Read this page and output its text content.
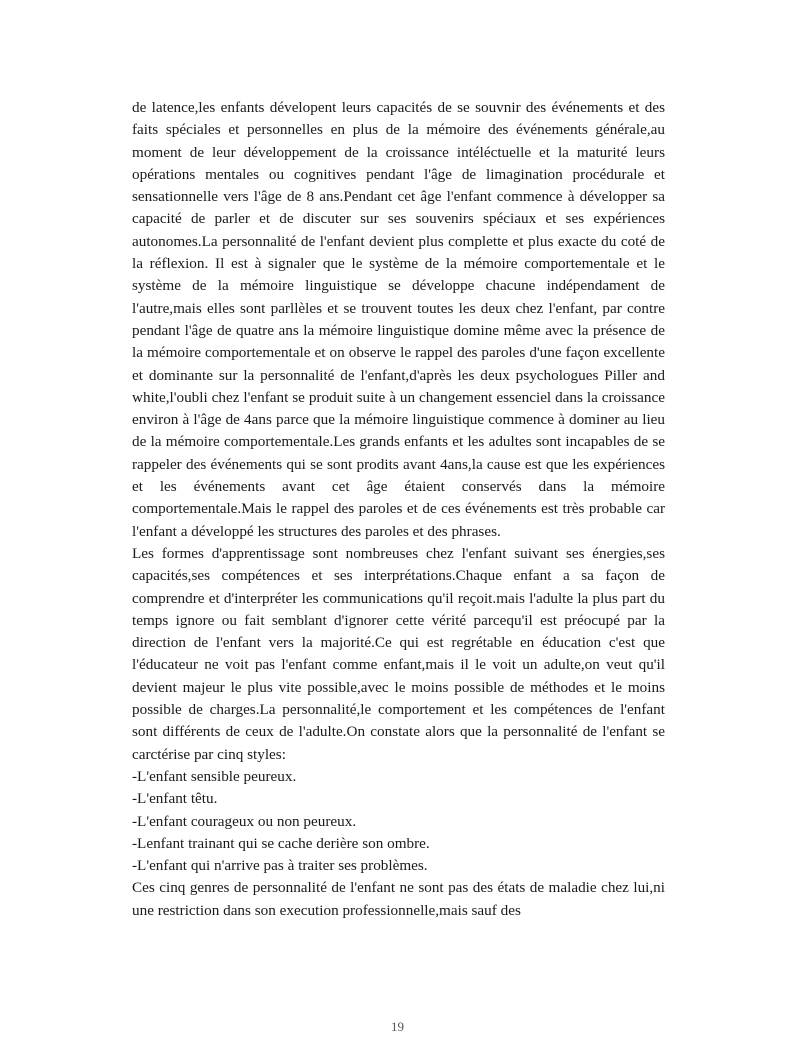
de latence,les enfants dévelopent leurs capacités de se souvnir des événements et des faits spéciales et personnelles en plus de la mémoire des événements générale,au moment de leur développement de la croissance intéléctuelle et la maturité leurs opérations mentales ou cognitives pendant l'âge de limagination procédurale et sensationnelle vers l'âge de 8 ans.Pendant cet âge l'enfant commence à développer sa capacité de parler et de discuter sur ses souvenirs spéciaux et ses expériences autonomes.La personnalité de l'enfant devient plus complette et plus exacte du coté de la réflexion. Il est à signaler que le système de la mémoire comportementale et le système de la mémoire linguistique se développe chacune indépendament de l'autre,mais elles sont parllèles et se trouvent toutes les deux chez l'enfant, par contre pendant l'âge de quatre ans la mémoire linguistique domine même avec la présence de la mémoire comportementale et on observe le rappel des paroles d'une façon excellente et dominante sur la personnalité de l'enfant,d'après les deux psychologues Piller and white,l'oubli chez l'enfant se produit suite à un changement essenciel dans la croissance environ à l'âge de 4ans parce que la mémoire linguistique commence à dominer au lieu de la mémoire comportementale.Les grands enfants et les adultes sont incapables de se rappeler des événements qui se sont prodits avant 4ans,la cause est que les expériences et les événements avant cet âge étaient conservés dans la mémoire comportementale.Mais le rappel des paroles et de ces événements est très probable car l'enfant a développé les structures des paroles et des phrases.

Les formes d'apprentissage sont nombreuses chez l'enfant suivant ses énergies,ses capacités,ses compétences et ses interprétations.Chaque enfant a sa façon de comprendre et d'interpréter les communications qu'il reçoit.mais l'adulte la plus part du temps ignore ou fait semblant d'ignorer cette vérité parcequ'il est préocupé par la direction de l'enfant vers la majorité.Ce qui est regrétable en éducation c'est que l'éducateur ne voit pas l'enfant comme enfant,mais il le voit un adulte,on veut qu'il devient majeur le plus vite possible,avec le moins possible de méthodes et le moins possible de charges.La personnalité,le comportement et les compétences de l'enfant sont différents de ceux de l'adulte.On constate alors que la personnalité de l'enfant se carctérise par cinq styles:

-L'enfant sensible peureux.
-L'enfant têtu.
-L'enfant courageux ou non peureux.
-Lenfant trainant qui se cache derière son ombre.
-L'enfant qui n'arrive pas à traiter ses problèmes.

Ces cinq genres de personnalité de l'enfant ne sont pas des états de maladie chez lui,ni une restriction dans son execution professionnelle,mais sauf des

19
